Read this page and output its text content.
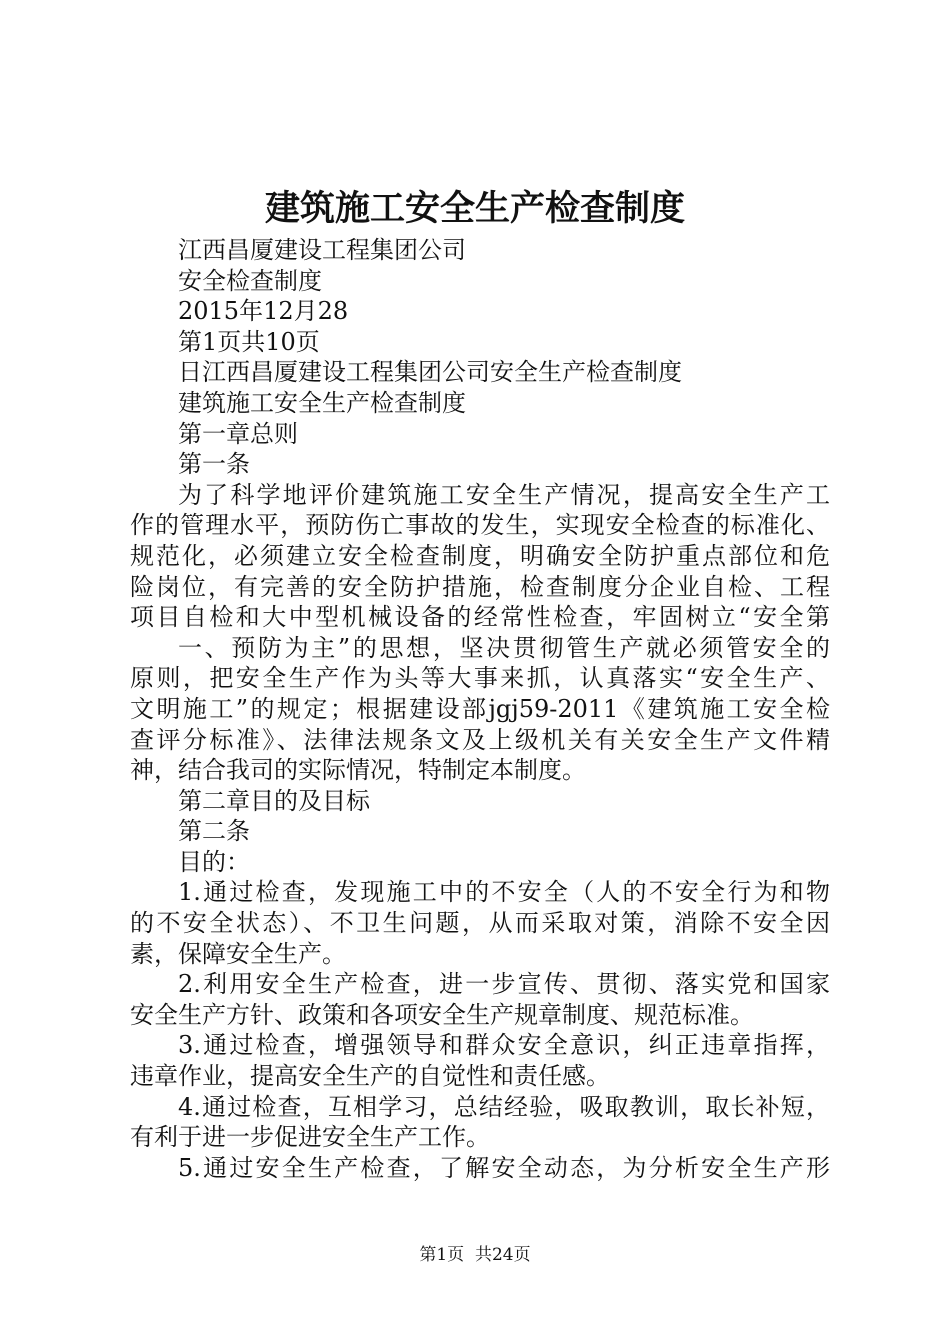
建筑施工安全生产检查制度
江西昌厦建设工程集团公司
安全检查制度
2015年12月28
第1页共10页
日江西昌厦建设工程集团公司安全生产检查制度
建筑施工安全生产检查制度
第一章总则
第一条
为了科学地评价建筑施工安全生产情况，提高安全生产工
作的管理水平，预防伤亡事故的发生，实现安全检查的标准化、
规范化，必须建立安全检查制度，明确安全防护重点部位和危
险岗位，有完善的安全防护措施，检查制度分企业自检、工程
项目自检和大中型机械设备的经常性检查，牢固树立“安全第
一、预防为主”的思想，坚决贯彻管生产就必须管安全的
原则，把安全生产作为头等大事来抓，认真落实“安全生产、
文明施工”的规定；根据建设部jgj59-2011《建筑施工安全检
查评分标准》、法律法规条文及上级机关有关安全生产文件精
神，结合我司的实际情况，特制定本制度。
第二章目的及目标
第二条
目的：
1.通过检查，发现施工中的不安全（人的不安全行为和物
的不安全状态）、不卫生问题，从而采取对策，消除不安全因
素，保障安全生产。
2.利用安全生产检查，进一步宣传、贯彻、落实党和国家
安全生产方针、政策和各项安全生产规章制度、规范标准。
3.通过检查，增强领导和群众安全意识，纠正违章指挥，
违章作业，提高安全生产的自觉性和责任感。
4.通过检查，互相学习，总结经验，吸取教训，取长补短，
有利于进一步促进安全生产工作。
5.通过安全生产检查，了解安全动态，为分析安全生产形
第1页  共24页
